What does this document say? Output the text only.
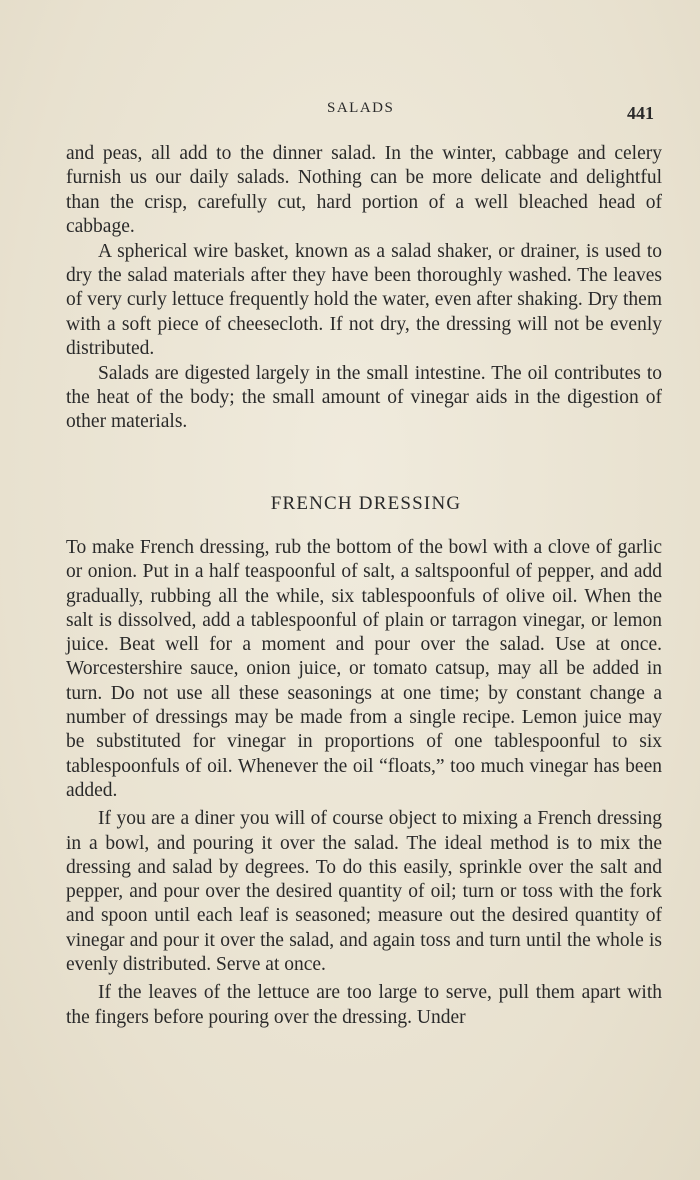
SALADS	441

and peas, all add to the dinner salad. In the winter, cabbage and celery furnish us our daily salads. Nothing can be more delicate and delightful than the crisp, carefully cut, hard portion of a well bleached head of cabbage.

A spherical wire basket, known as a salad shaker, or drainer, is used to dry the salad materials after they have been thoroughly washed. The leaves of very curly lettuce frequently hold the water, even after shaking. Dry them with a soft piece of cheesecloth. If not dry, the dressing will not be evenly distributed.

Salads are digested largely in the small intestine. The oil contributes to the heat of the body; the small amount of vinegar aids in the digestion of other materials.

FRENCH DRESSING

To make French dressing, rub the bottom of the bowl with a clove of garlic or onion. Put in a half teaspoonful of salt, a saltspoonful of pepper, and add gradually, rubbing all the while, six tablespoonfuls of olive oil. When the salt is dissolved, add a tablespoonful of plain or tarragon vinegar, or lemon juice. Beat well for a moment and pour over the salad. Use at once. Worcestershire sauce, onion juice, or tomato catsup, may all be added in turn. Do not use all these seasonings at one time; by constant change a number of dressings may be made from a single recipe. Lemon juice may be substituted for vinegar in proportions of one tablespoonful to six tablespoonfuls of oil. Whenever the oil “floats,” too much vinegar has been added.

If you are a diner you will of course object to mixing a French dressing in a bowl, and pouring it over the salad. The ideal method is to mix the dressing and salad by degrees. To do this easily, sprinkle over the salt and pepper, and pour over the desired quantity of oil; turn or toss with the fork and spoon until each leaf is seasoned; measure out the desired quantity of vinegar and pour it over the salad, and again toss and turn until the whole is evenly distributed. Serve at once.

If the leaves of the lettuce are too large to serve, pull them apart with the fingers before pouring over the dressing. Under
